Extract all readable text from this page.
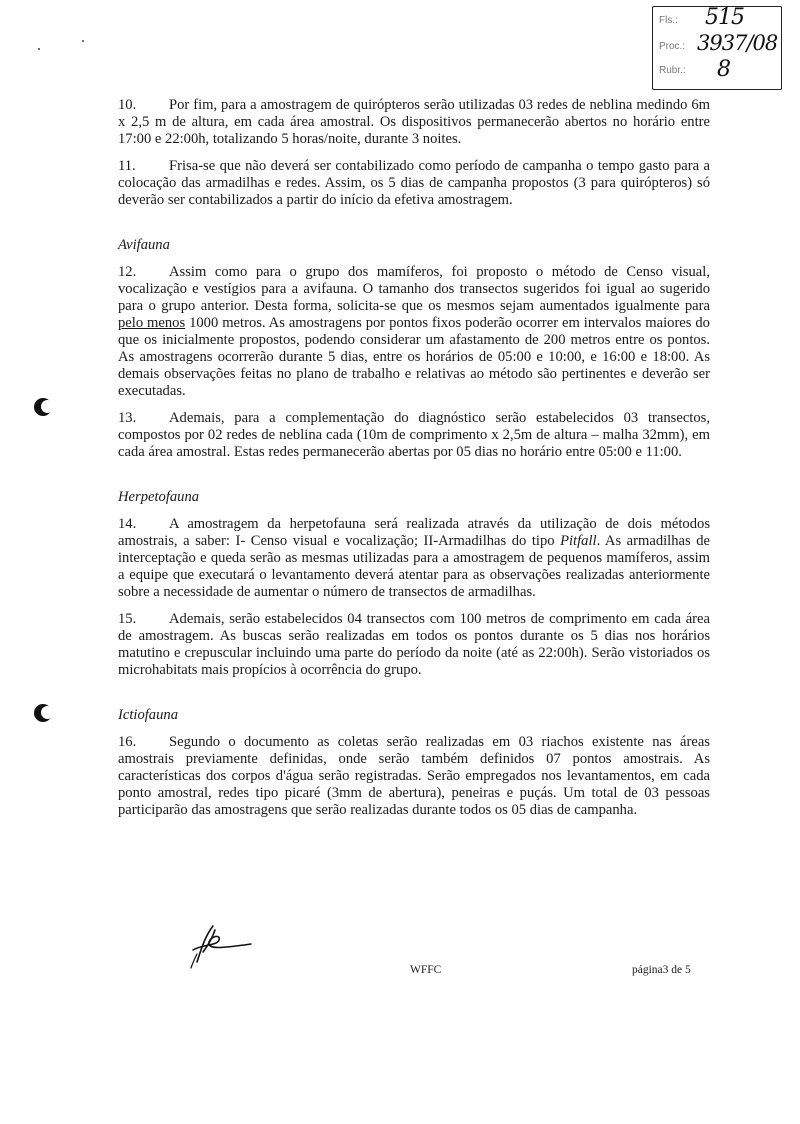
Fls.:
Proc.:
Rubr.:
515
3937/08
8

10. Por fim, para a amostragem de quirópteros serão utilizadas 03 redes de neblina medindo 6m x 2,5 m de altura, em cada área amostral. Os dispositivos permanecerão abertos no horário entre 17:00 e 22:00h, totalizando 5 horas/noite, durante 3 noites.

11. Frisa-se que não deverá ser contabilizado como período de campanha o tempo gasto para a colocação das armadilhas e redes. Assim, os 5 dias de campanha propostos (3 para quirópteros) só deverão ser contabilizados a partir do início da efetiva amostragem.

Avifauna

12. Assim como para o grupo dos mamíferos, foi proposto o método de Censo visual, vocalização e vestígios para a avifauna. O tamanho dos transectos sugeridos foi igual ao sugerido para o grupo anterior. Desta forma, solicita-se que os mesmos sejam aumentados igualmente para pelo menos 1000 metros. As amostragens por pontos fixos poderão ocorrer em intervalos maiores do que os inicialmente propostos, podendo considerar um afastamento de 200 metros entre os pontos. As amostragens ocorrerão durante 5 dias, entre os horários de 05:00 e 10:00, e 16:00 e 18:00. As demais observações feitas no plano de trabalho e relativas ao método são pertinentes e deverão ser executadas.

13. Ademais, para a complementação do diagnóstico serão estabelecidos 03 transectos, compostos por 02 redes de neblina cada (10m de comprimento x 2,5m de altura – malha 32mm), em cada área amostral. Estas redes permanecerão abertas por 05 dias no horário entre 05:00 e 11:00.

Herpetofauna

14. A amostragem da herpetofauna será realizada através da utilização de dois métodos amostrais, a saber: I- Censo visual e vocalização; II-Armadilhas do tipo Pitfall. As armadilhas de interceptação e queda serão as mesmas utilizadas para a amostragem de pequenos mamíferos, assim a equipe que executará o levantamento deverá atentar para as observações realizadas anteriormente sobre a necessidade de aumentar o número de transectos de armadilhas.

15. Ademais, serão estabelecidos 04 transectos com 100 metros de comprimento em cada área de amostragem. As buscas serão realizadas em todos os pontos durante os 5 dias nos horários matutino e crepuscular incluindo uma parte do período da noite (até as 22:00h). Serão vistoriados os microhabitats mais propícios à ocorrência do grupo.

Ictiofauna

16. Segundo o documento as coletas serão realizadas em 03 riachos existente nas áreas amostrais previamente definidas, onde serão também definidos 07 pontos amostrais. As características dos corpos d'água serão registradas. Serão empregados nos levantamentos, em cada ponto amostral, redes tipo picaré (3mm de abertura), peneiras e puçás. Um total de 03 pessoas participarão das amostragens que serão realizadas durante todos os 05 dias de campanha.

WFFC	página3 de 5
